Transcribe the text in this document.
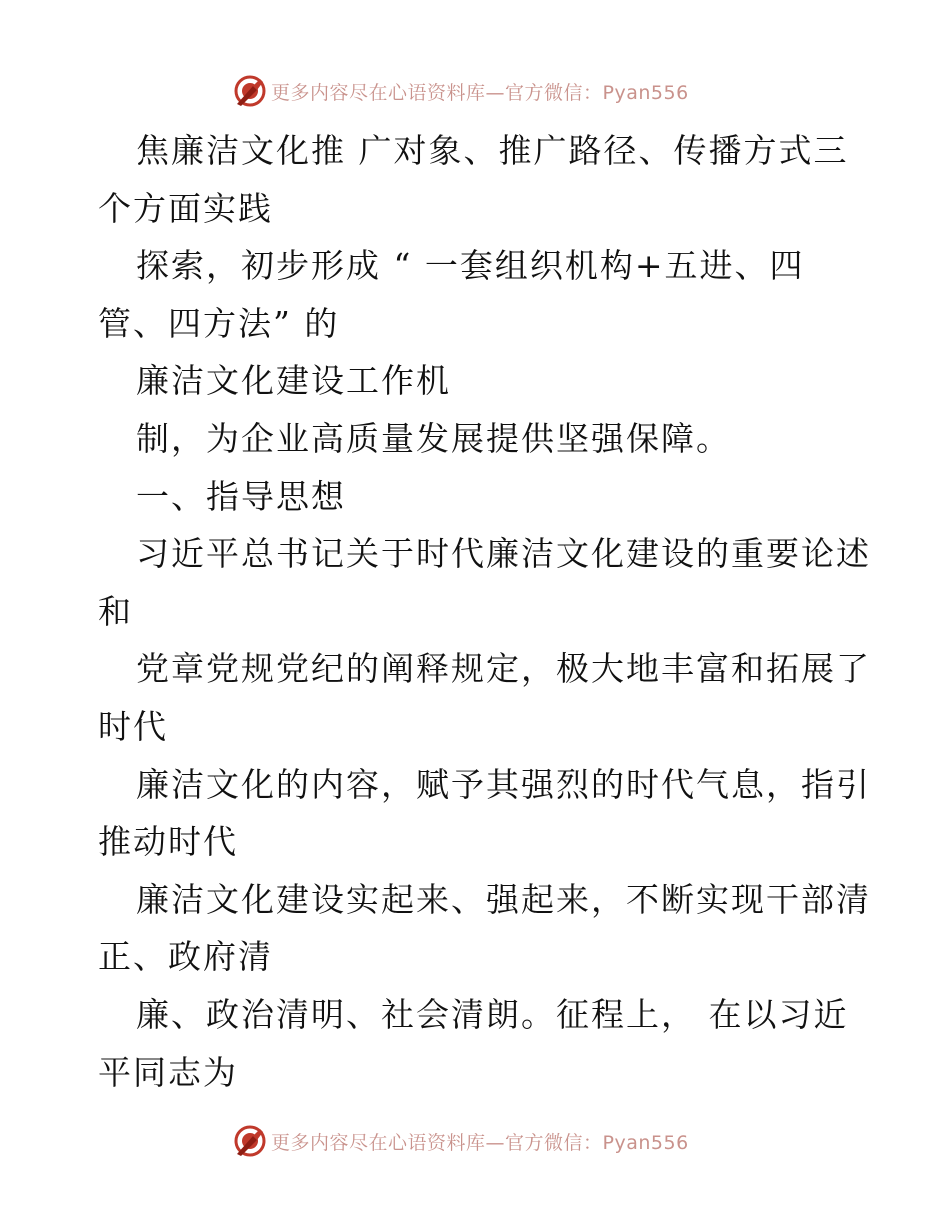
更多内容尽在心语资料库—官方微信：Pyan556
焦廉洁文化推 广对象、推广路径、传播方式三
个方面实践
探索，初步形成 “ 一套组织机构+五进、四
管、四方法” 的
廉洁文化建设工作机
制，为企业高质量发展提供坚强保障。
一、指导思想
习近平总书记关于时代廉洁文化建设的重要论述
和
党章党规党纪的阐释规定，极大地丰富和拓展了
时代
廉洁文化的内容，赋予其强烈的时代气息，指引
推动时代
廉洁文化建设实起来、强起来，不断实现干部清
正、政府清
廉、政治清明、社会清朗。征程上， 在以习近
平同志为
更多内容尽在心语资料库—官方微信：Pyan556
